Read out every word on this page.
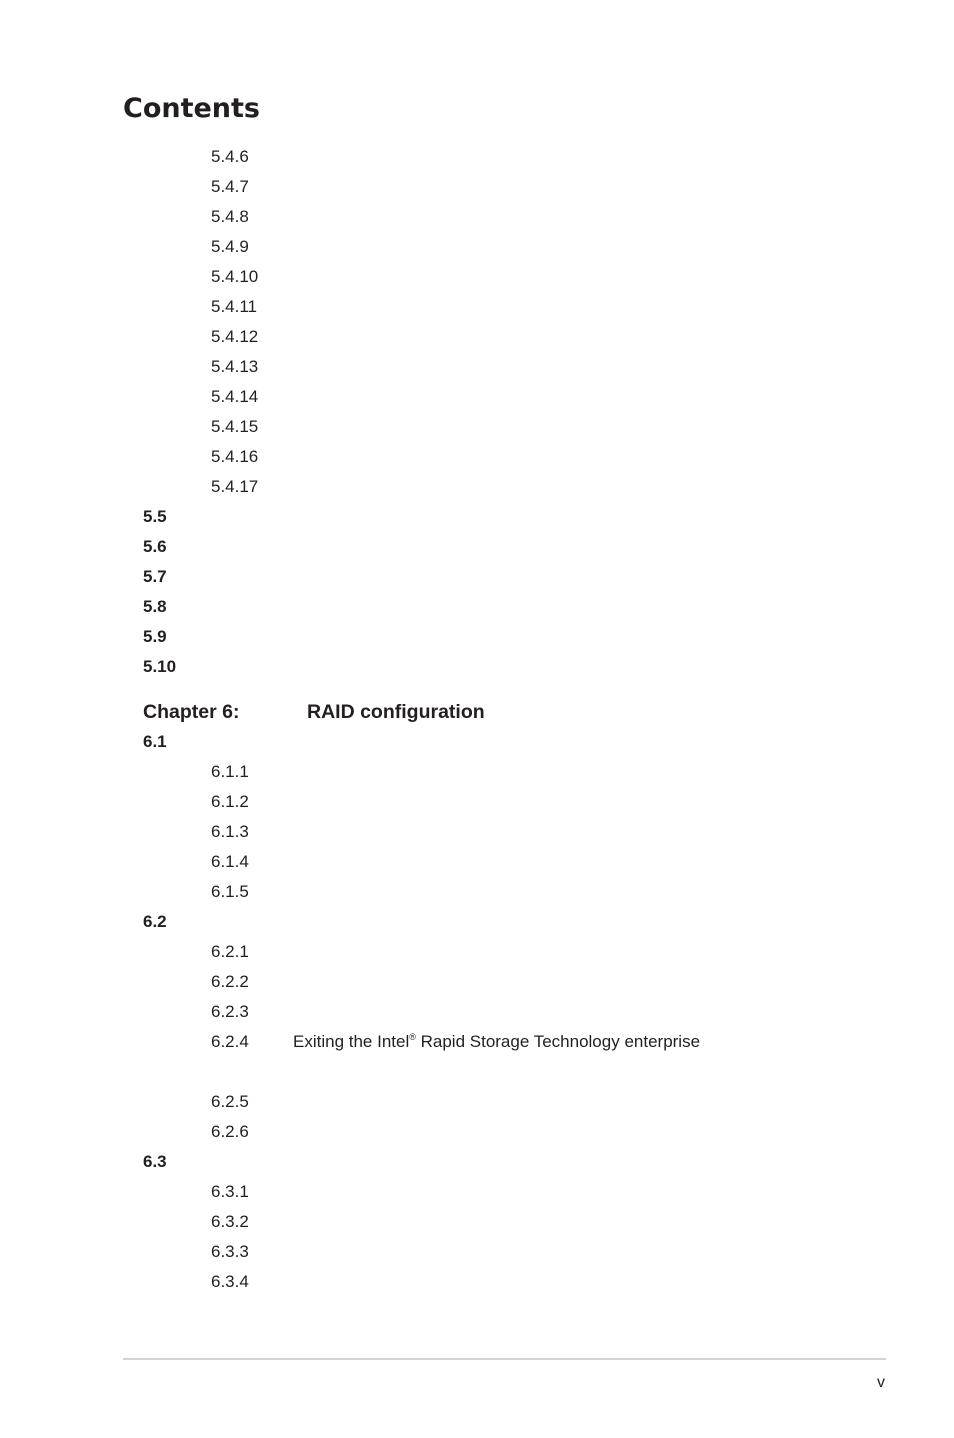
Contents
5.4.6
5.4.7
5.4.8
5.4.9
5.4.10
5.4.11
5.4.12
5.4.13
5.4.14
5.4.15
5.4.16
5.4.17
5.5
5.6
5.7
5.8
5.9
5.10
Chapter 6:	RAID configuration
6.1
6.1.1
6.1.2
6.1.3
6.1.4
6.1.5
6.2
6.2.1
6.2.2
6.2.3
6.2.4	Exiting the Intel® Rapid Storage Technology enterprise
6.2.5
6.2.6
6.3
6.3.1
6.3.2
6.3.3
6.3.4
v
